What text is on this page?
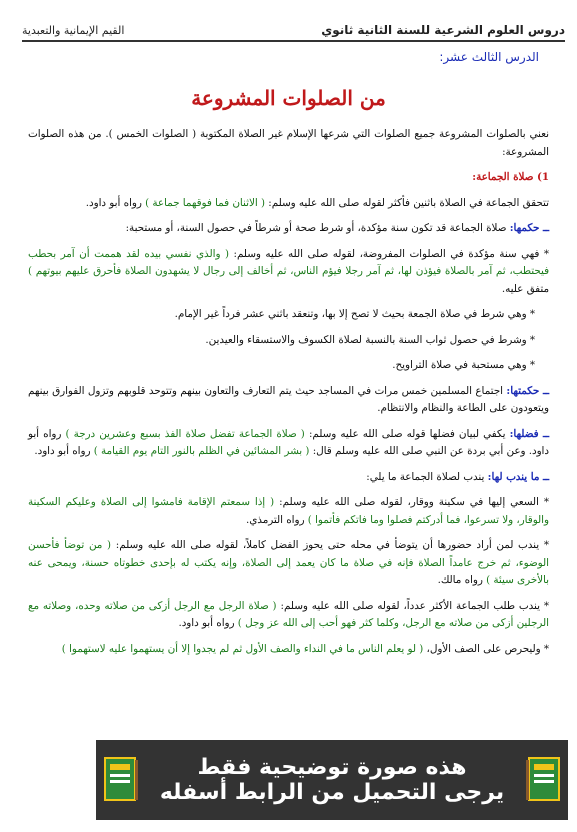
دروس العلوم الشرعية للسنة الثانية ثانوي
القيم الإيمانية والتعبدية
الدرس الثالث عشر:
من الصلوات المشروعة

نعني بالصلوات المشروعة جميع الصلوات التي شرعها الإسلام غير الصلاة المكتوبة ( الصلوات الخمس ). من هذه الصلوات المشروعة:

1) صلاة الجماعة:

تتحقق الجماعة في الصلاة باثنين فأكثر لقوله صلى الله عليه وسلم: ( الاثنان فما فوقهما جماعة ) رواه أبو داود.

ــ حكمها: صلاة الجماعة قد تكون سنة مؤكدة، أو شرط صحة أو شرطاً في حصول السنة، أو مستحبة:

* فهي سنة مؤكدة في الصلوات المفروضة، لقوله صلى الله عليه وسلم: ( والذي نفسي بيده لقد هممت أن آمر بحطب فيحتطب، ثم آمر بالصلاة فيؤذن لها، ثم آمر رجلا فيؤم الناس، ثم أخالف إلى رجال لا يشهدون الصلاة فأحرق عليهم بيوتهم ) متفق عليه.

* وهي شرط في صلاة الجمعة بحيث لا تصح إلا بها، وتنعقد باثني عشر فرداً غير الإمام.

* وشرط في حصول ثواب السنة بالنسبة لصلاة الكسوف والاستسقاء والعيدين.

* وهي مستحبة في صلاة التراويح.

ــ حكمتها: اجتماع المسلمين خمس مرات في المساجد حيث يتم التعارف والتعاون بينهم وتتوحد قلوبهم وتزول الفوارق بينهم ويتعودون على الطاعة والنظام والانتظام.

ــ فضلها: يكفي لبيان فضلها قوله صلى الله عليه وسلم: ( صلاة الجماعة تفضل صلاة الفذ بسبع وعشرين درجة ) رواه أبو داود. وعن أبي بردة عن النبي صلى الله عليه وسلم قال: ( بشر المشائين في الظلم بالنور التام يوم القيامة ) رواه أبو داود.

ــ ما يندب لها: يندب لصلاة الجماعة ما يلي:

* السعي إليها في سكينة ووقار، لقوله صلى الله عليه وسلم: ( إذا سمعتم الإقامة فامشوا إلى الصلاة وعليكم السكينة والوقار، ولا تسرعوا، فما أدركتم فصلوا وما فاتكم فأتموا ) رواه الترمذي.

* يندب لمن أراد حضورها أن يتوضأ في محله حتى يحوز الفضل كاملاً، لقوله صلى الله عليه وسلم: ( من توضأ فأحسن الوضوء، ثم خرج عامداً الصلاة فإنه في صلاة ما كان يعمد إلى الصلاة، وإنه يكتب له بإحدى خطوتاه حسنة، ويمحى عنه بالأخرى سيئة ) رواه مالك.

* يندب طلب الجماعة الأكثر عدداً، لقوله صلى الله عليه وسلم: ( صلاة الرجل مع الرجل أزكى من صلاته وحده، وصلاته مع الرجلين أزكى من صلاته مع الرجل، وكلما كثر فهو أحب إلى الله عز وجل ) رواه أبو داود.

* وليحرص على الصف الأول، ( لو يعلم الناس ما في النداء والصف الأول ثم لم يجدوا إلا أن يستهموا عليه لاستهموا )

هذه صورة توضيحية فقط
يرجى التحميل من الرابط أسفله
